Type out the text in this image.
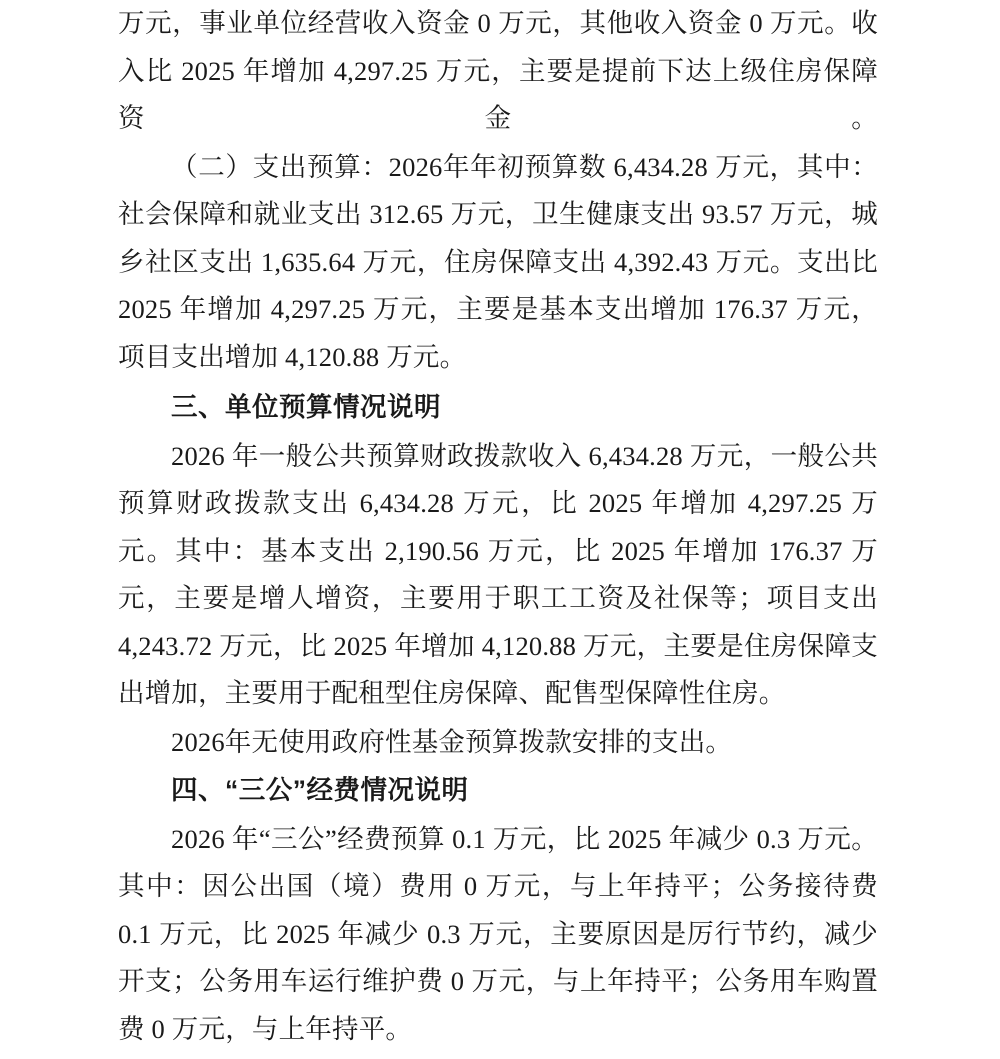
万元，事业单位经营收入资金 0 万元，其他收入资金 0 万元。收入比 2025 年增加 4,297.25 万元，主要是提前下达上级住房保障资金。

（二）支出预算：2026年年初预算数 6,434.28 万元，其中：社会保障和就业支出 312.65 万元，卫生健康支出 93.57 万元，城乡社区支出 1,635.64 万元，住房保障支出 4,392.43 万元。支出比 2025 年增加 4,297.25 万元，主要是基本支出增加 176.37 万元，项目支出增加 4,120.88 万元。

三、单位预算情况说明

2026 年一般公共预算财政拨款收入 6,434.28 万元，一般公共预算财政拨款支出 6,434.28 万元，比 2025 年增加 4,297.25 万元。其中：基本支出 2,190.56 万元，比 2025 年增加 176.37 万元，主要是增人增资，主要用于职工工资及社保等；项目支出 4,243.72 万元，比 2025 年增加 4,120.88 万元，主要是住房保障支出增加，主要用于配租型住房保障、配售型保障性住房。

2026年无使用政府性基金预算拨款安排的支出。

四、“三公”经费情况说明

2026 年“三公”经费预算 0.1 万元，比 2025 年减少 0.3 万元。其中：因公出国（境）费用 0 万元，与上年持平；公务接待费 0.1 万元，比 2025 年减少 0.3 万元，主要原因是厉行节约，减少开支；公务用车运行维护费 0 万元，与上年持平；公务用车购置费 0 万元，与上年持平。
